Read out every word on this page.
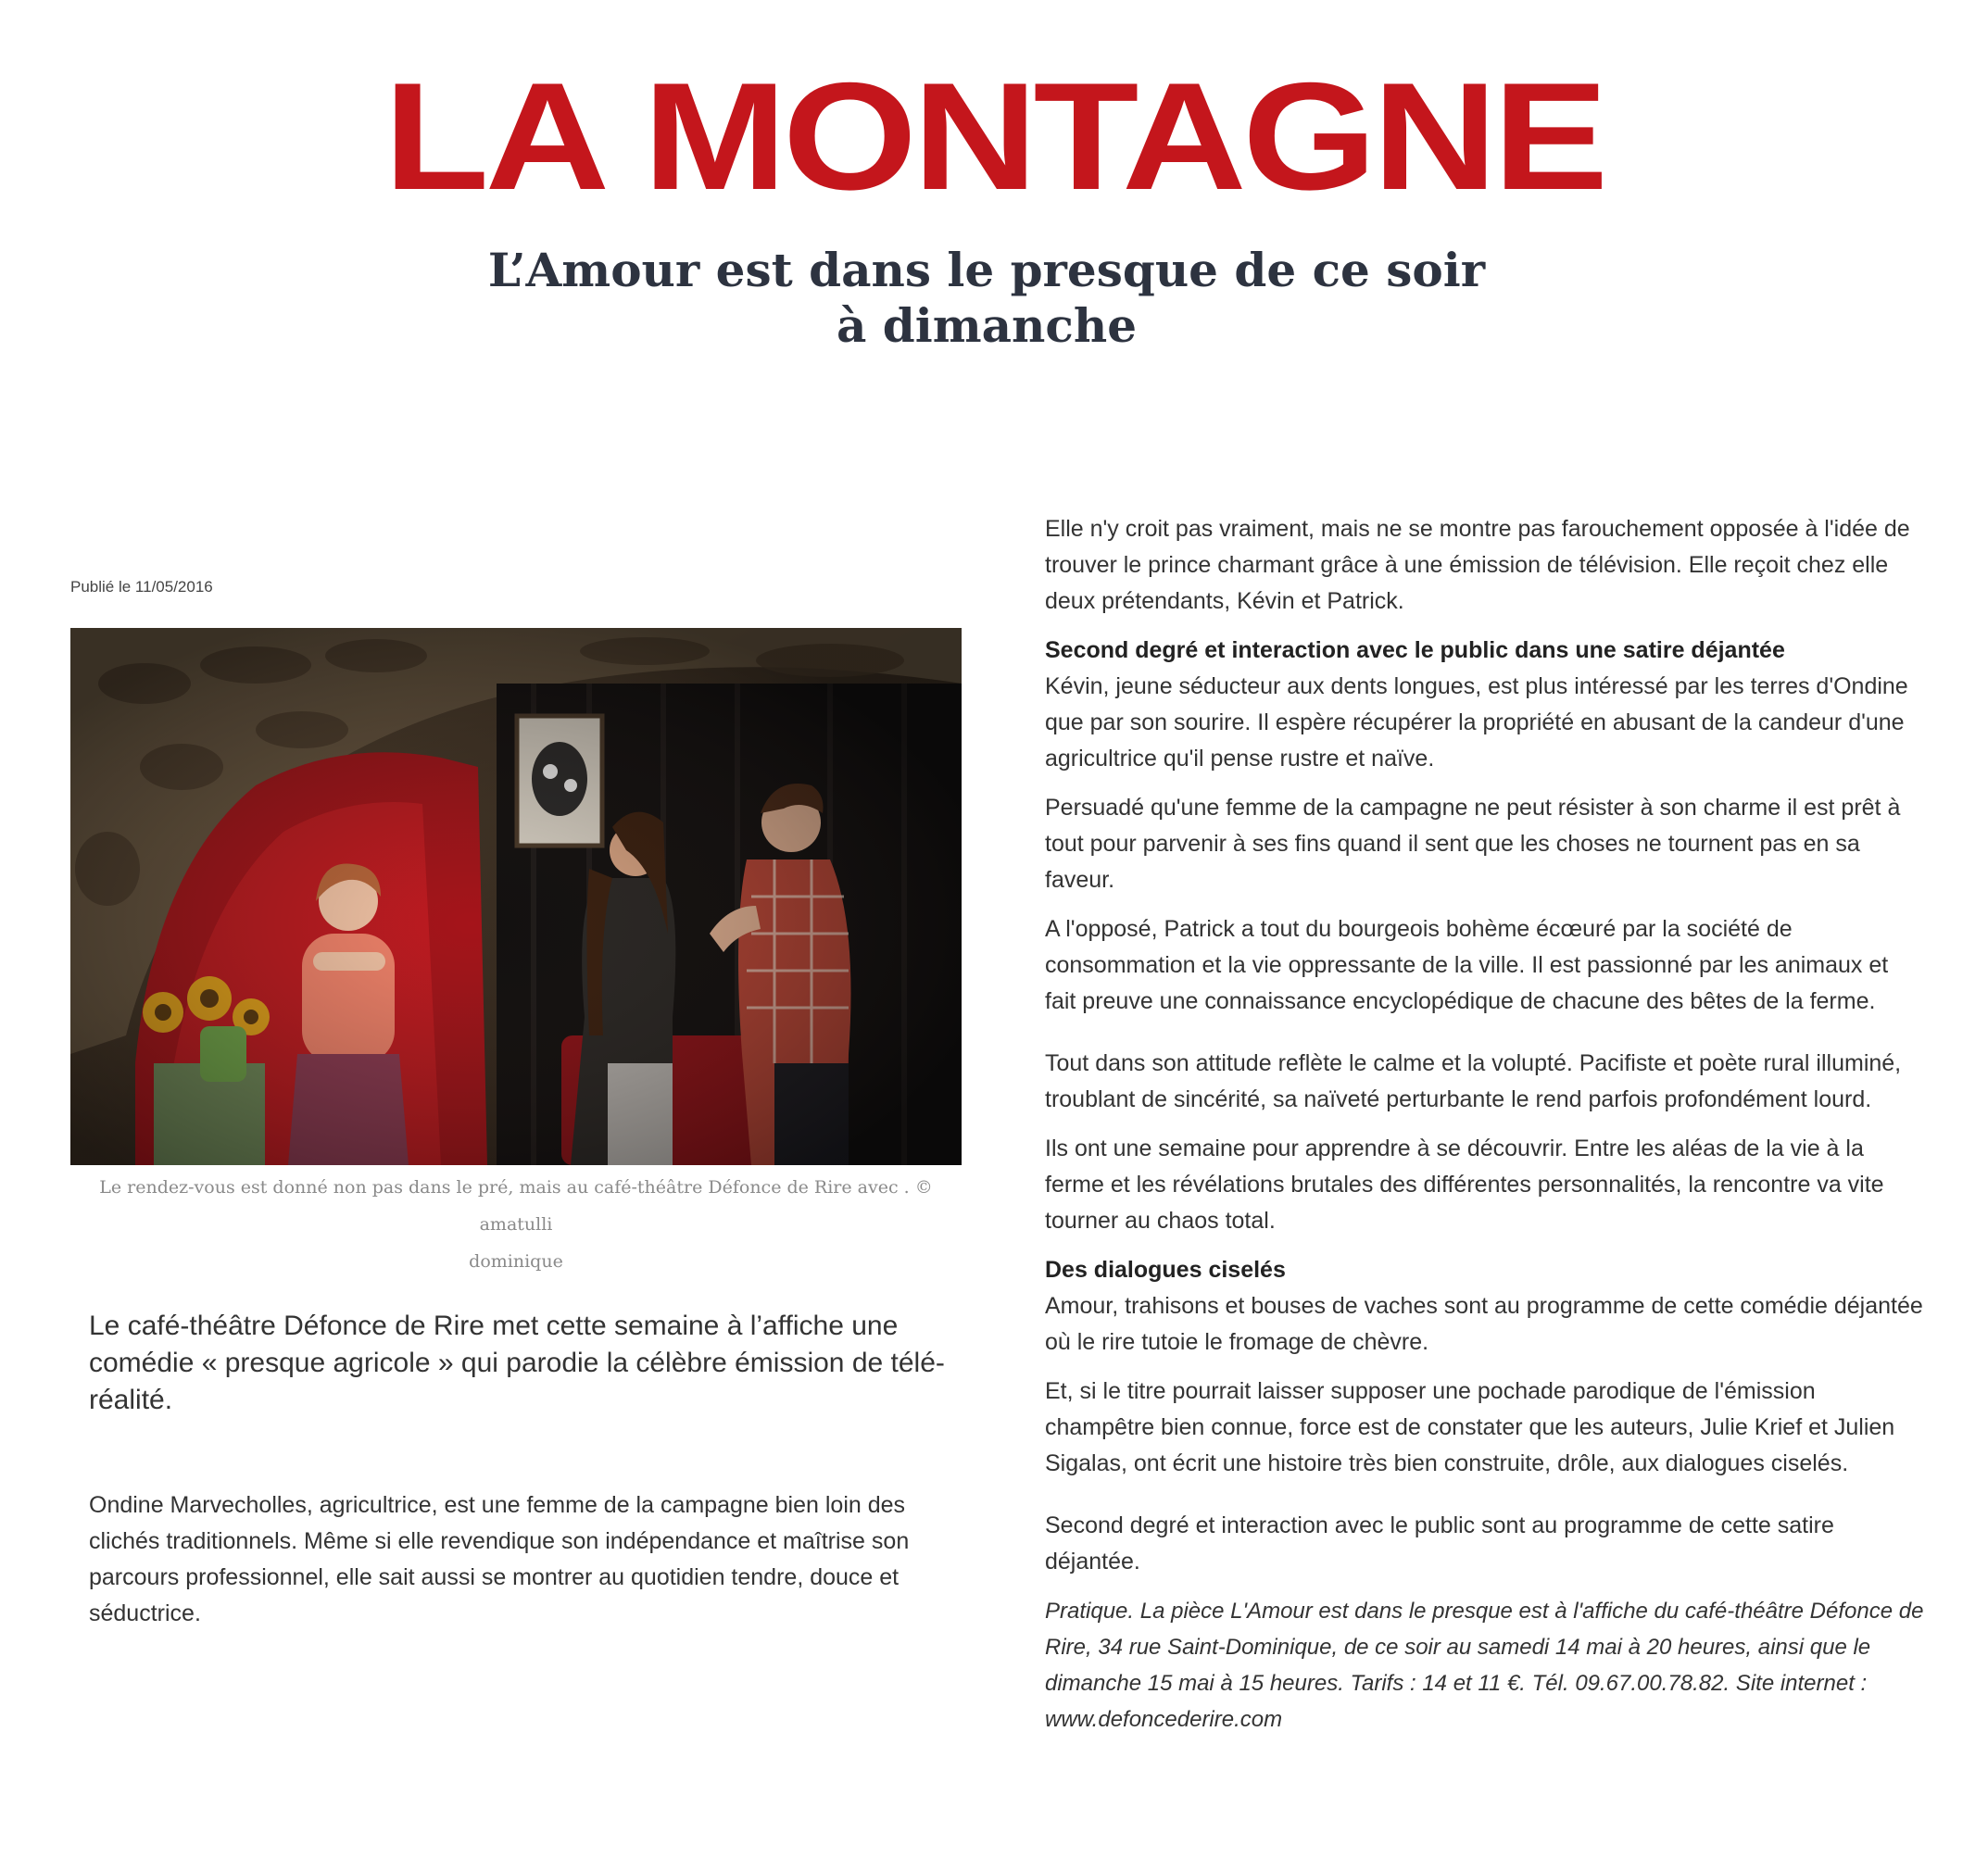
LA MONTAGNE
L’Amour est dans le presque de ce soir
à dimanche

Publié le 11/05/2016

Le rendez-vous est donné non pas dans le pré, mais au café-théâtre Défonce de Rire avec . © amatulli
dominique

Le café-théâtre Défonce de Rire met cette semaine à l’affiche une comédie « presque agricole » qui parodie la célèbre émission de télé-réalité.

Ondine Marvecholles, agricultrice, est une femme de la campagne bien loin des clichés traditionnels. Même si elle revendique son indépendance et maîtrise son parcours professionnel, elle sait aussi se montrer au quotidien tendre, douce et séductrice.

Elle n'y croit pas vraiment, mais ne se montre pas farouchement opposée à l'idée de trouver le prince charmant grâce à une émission de télévision. Elle reçoit chez elle deux prétendants, Kévin et Patrick.

Second degré et interaction avec le public dans une satire déjantée
Kévin, jeune séducteur aux dents longues, est plus intéressé par les terres d'Ondine que par son sourire. Il espère récupérer la propriété en abusant de la candeur d'une agricultrice qu'il pense rustre et naïve.

Persuadé qu'une femme de la campagne ne peut résister à son charme il est prêt à tout pour parvenir à ses fins quand il sent que les choses ne tournent pas en sa faveur.

A l'opposé, Patrick a tout du bourgeois bohème écœuré par la société de consommation et la vie oppressante de la ville. Il est passionné par les animaux et fait preuve une connaissance encyclopédique de chacune des bêtes de la ferme.

Tout dans son attitude reflète le calme et la volupté. Pacifiste et poète rural illuminé, troublant de sincérité, sa naïveté perturbante le rend parfois profondément lourd.

Ils ont une semaine pour apprendre à se découvrir. Entre les aléas de la vie à la ferme et les révélations brutales des différentes personnalités, la rencontre va vite tourner au chaos total.

Des dialogues ciselés
Amour, trahisons et bouses de vaches sont au programme de cette comédie déjantée où le rire tutoie le fromage de chèvre.

Et, si le titre pourrait laisser supposer une pochade parodique de l'émission champêtre bien connue, force est de constater que les auteurs, Julie Krief et Julien Sigalas, ont écrit une histoire très bien construite, drôle, aux dialogues ciselés.

Second degré et interaction avec le public sont au programme de cette satire déjantée.

Pratique. La pièce L'Amour est dans le presque est à l'affiche du café-théâtre Défonce de Rire, 34 rue Saint-Dominique, de ce soir au samedi 14 mai à 20 heures, ainsi que le dimanche 15 mai à 15 heures. Tarifs : 14 et 11 €. Tél. 09.67.00.78.82. Site internet : www.defoncederire.com
